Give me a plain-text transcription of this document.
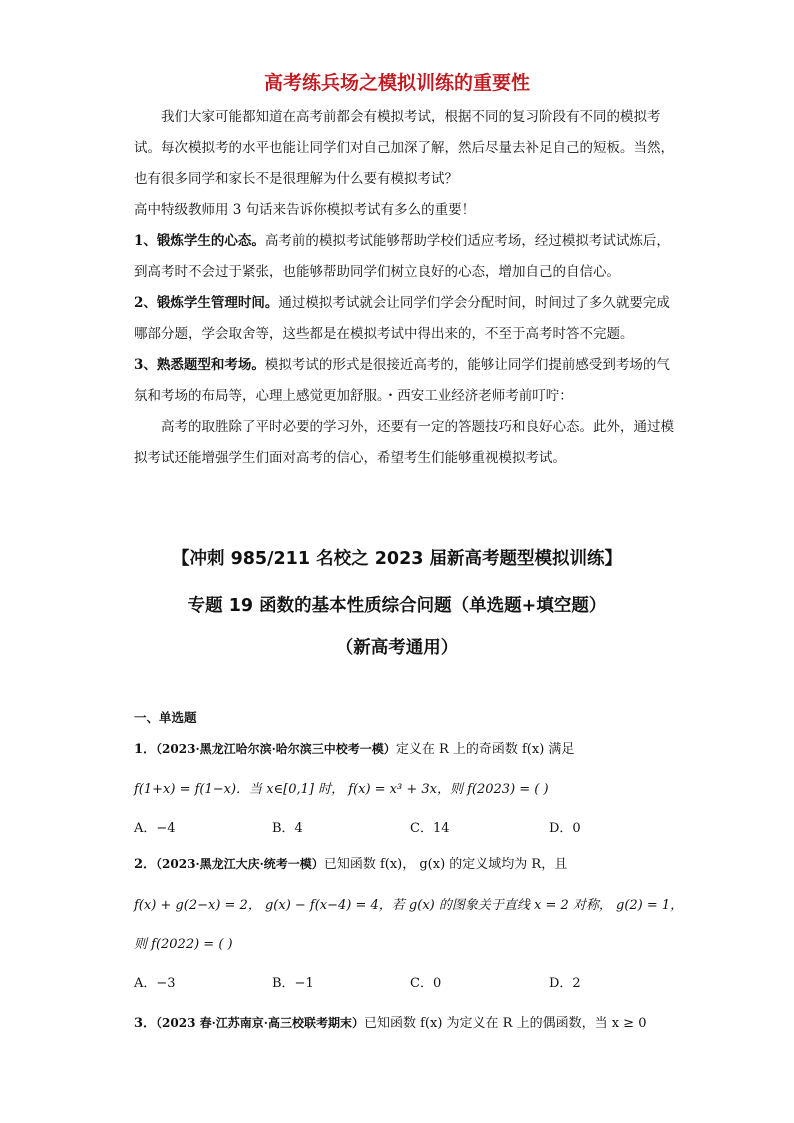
高考练兵场之模拟训练的重要性

我们大家可能都知道在高考前都会有模拟考试，根据不同的复习阶段有不同的模拟考试。每次模拟考的水平也能让同学们对自己加深了解，然后尽量去补足自己的短板。当然，也有很多同学和家长不是很理解为什么要有模拟考试？

高中特级教师用 3 句话来告诉你模拟考试有多么的重要！

1、锻炼学生的心态。高考前的模拟考试能够帮助学校们适应考场，经过模拟考试试炼后，到高考时不会过于紧张，也能够帮助同学们树立良好的心态，增加自己的自信心。

2、锻炼学生管理时间。通过模拟考试就会让同学们学会分配时间，时间过了多久就要完成哪部分题，学会取舍等，这些都是在模拟考试中得出来的，不至于高考时答不完题。

3、熟悉题型和考场。模拟考试的形式是很接近高考的，能够让同学们提前感受到考场的气氛和考场的布局等，心理上感觉更加舒服。・西安工业经济老师考前叮咛：

高考的取胜除了平时必要的学习外，还要有一定的答题技巧和良好心态。此外，通过模拟考试还能增强学生们面对高考的信心，希望考生们能够重视模拟考试。

【冲刺 985/211 名校之 2023 届新高考题型模拟训练】
专题 19 函数的基本性质综合问题（单选题+填空题）
（新高考通用）
一、单选题
1．（2023·黑龙江哈尔滨·哈尔滨三中校考一模）定义在 R 上的奇函数 f(x) 满足
f(1+x) = f(1−x)．当 x∈[0,1] 时， f(x) = x³ + 3x，则 f(2023) = ( )
A．−4	B．4	C．14	D．0
2．（2023·黑龙江大庆·统考一模）已知函数 f(x)， g(x) 的定义域均为 R，且
f(x) + g(2−x) = 2， g(x) − f(x−4) = 4，若 g(x) 的图象关于直线 x = 2 对称， g(2) = 1，
则 f(2022) = ( )
A．−3	B．−1	C．0	D．2
3．（2023 春·江苏南京·高三校联考期末）已知函数 f(x) 为定义在 R 上的偶函数，当 x ≥ 0
